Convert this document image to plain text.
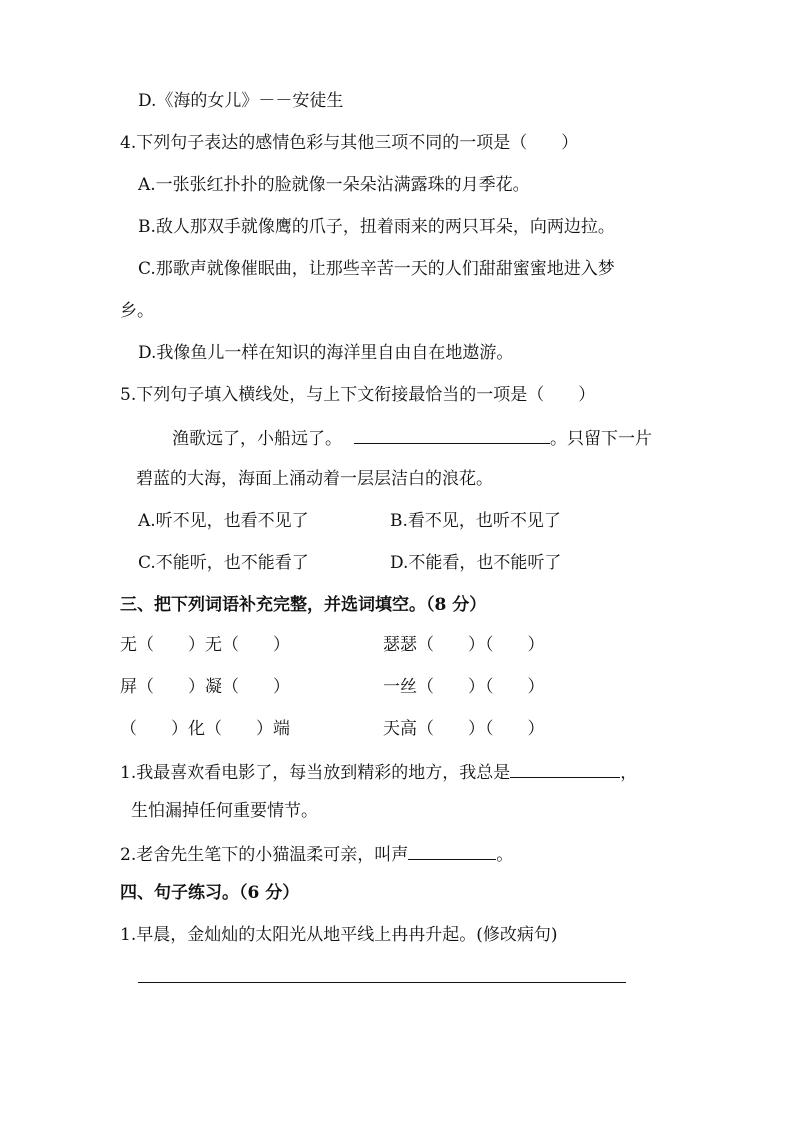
D.《海的女儿》－－安徒生
4.下列句子表达的感情色彩与其他三项不同的一项是（　　）
A.一张张红扑扑的脸就像一朵朵沾满露珠的月季花。
B.敌人那双手就像鹰的爪子，扭着雨来的两只耳朵，向两边拉。
C.那歌声就像催眠曲，让那些辛苦一天的人们甜甜蜜蜜地进入梦
乡。
D.我像鱼儿一样在知识的海洋里自由自在地遨游。
5.下列句子填入横线处，与上下文衔接最恰当的一项是（　　）
渔歌远了，小船远了。	。只留下一片
碧蓝的大海，海面上涌动着一层层洁白的浪花。
A.听不见，也看不见了	B.看不见，也听不见了
C.不能听，也不能看了	D.不能看，也不能听了
三、把下列词语补充完整，并选词填空。（8 分）
无（　　）无（　　）	瑟瑟（　　）（　　）
屏（　　）凝（　　）	一丝（　　）（　　）
（　　）化（　　）端	天高（　　）（　　）
1.我最喜欢看电影了，每当放到精彩的地方，我总是	，
生怕漏掉任何重要情节。
2.老舍先生笔下的小猫温柔可亲，叫声	。
四、句子练习。（6 分）
1.早晨，金灿灿的太阳光从地平线上冉冉升起。(修改病句)
